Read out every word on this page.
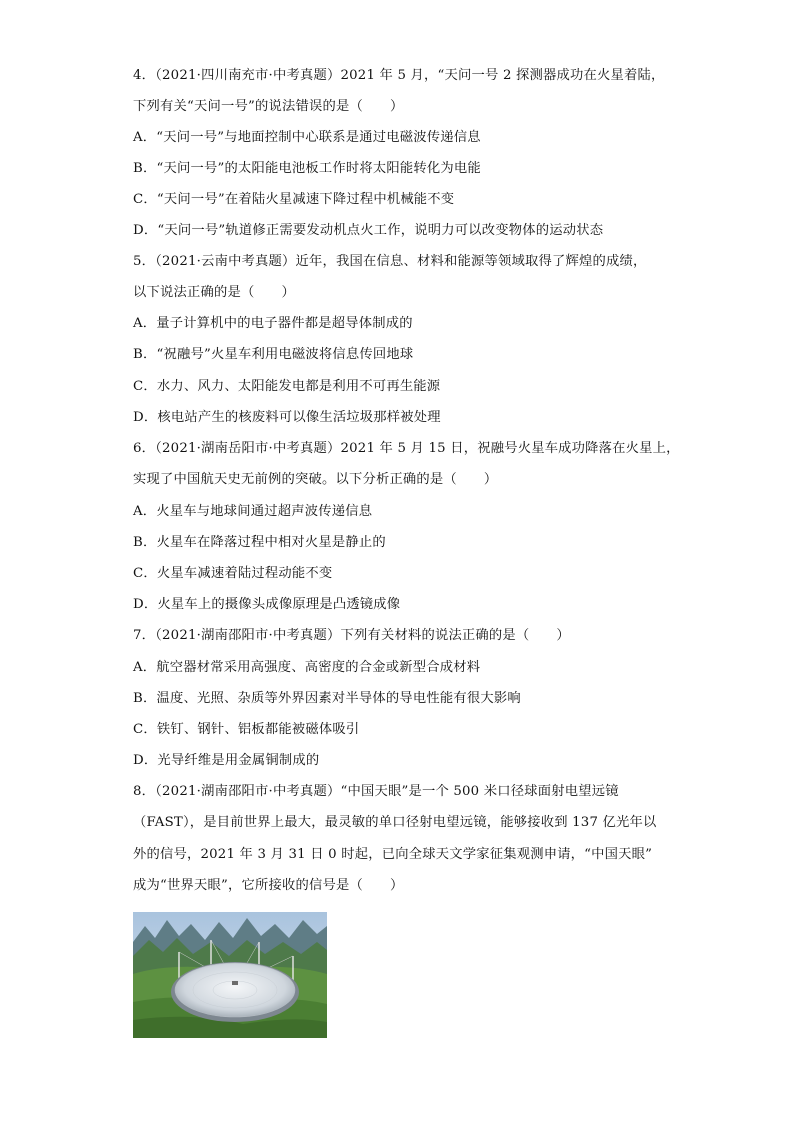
4．（2021·四川南充市·中考真题）2021 年 5 月，“天问一号 2 探测器成功在火星着陆，
下列有关“天问一号”的说法错误的是（　　）
A．“天问一号”与地面控制中心联系是通过电磁波传递信息
B．“天问一号”的太阳能电池板工作时将太阳能转化为电能
C．“天问一号”在着陆火星减速下降过程中机械能不变
D．“天问一号”轨道修正需要发动机点火工作，说明力可以改变物体的运动状态
5．（2021·云南中考真题）近年，我国在信息、材料和能源等领域取得了辉煌的成绩，
以下说法正确的是（　　）
A．量子计算机中的电子器件都是超导体制成的
B．“祝融号”火星车利用电磁波将信息传回地球
C．水力、风力、太阳能发电都是利用不可再生能源
D．核电站产生的核废料可以像生活垃圾那样被处理
6．（2021·湖南岳阳市·中考真题）2021 年 5 月 15 日，祝融号火星车成功降落在火星上，
实现了中国航天史无前例的突破。以下分析正确的是（　　）
A．火星车与地球间通过超声波传递信息
B．火星车在降落过程中相对火星是静止的
C．火星车减速着陆过程动能不变
D．火星车上的摄像头成像原理是凸透镜成像
7．（2021·湖南邵阳市·中考真题）下列有关材料的说法正确的是（　　）
A．航空器材常采用高强度、高密度的合金或新型合成材料
B．温度、光照、杂质等外界因素对半导体的导电性能有很大影响
C．铁钉、钢针、铝板都能被磁体吸引
D．光导纤维是用金属铜制成的
8．（2021·湖南邵阳市·中考真题）“中国天眼”是一个 500 米口径球面射电望远镜
（FAST），是目前世界上最大，最灵敏的单口径射电望远镜，能够接收到 137 亿光年以
外的信号，2021 年 3 月 31 日 0 时起，已向全球天文学家征集观测申请，“中国天眼”
成为“世界天眼”，它所接收的信号是（　　）
